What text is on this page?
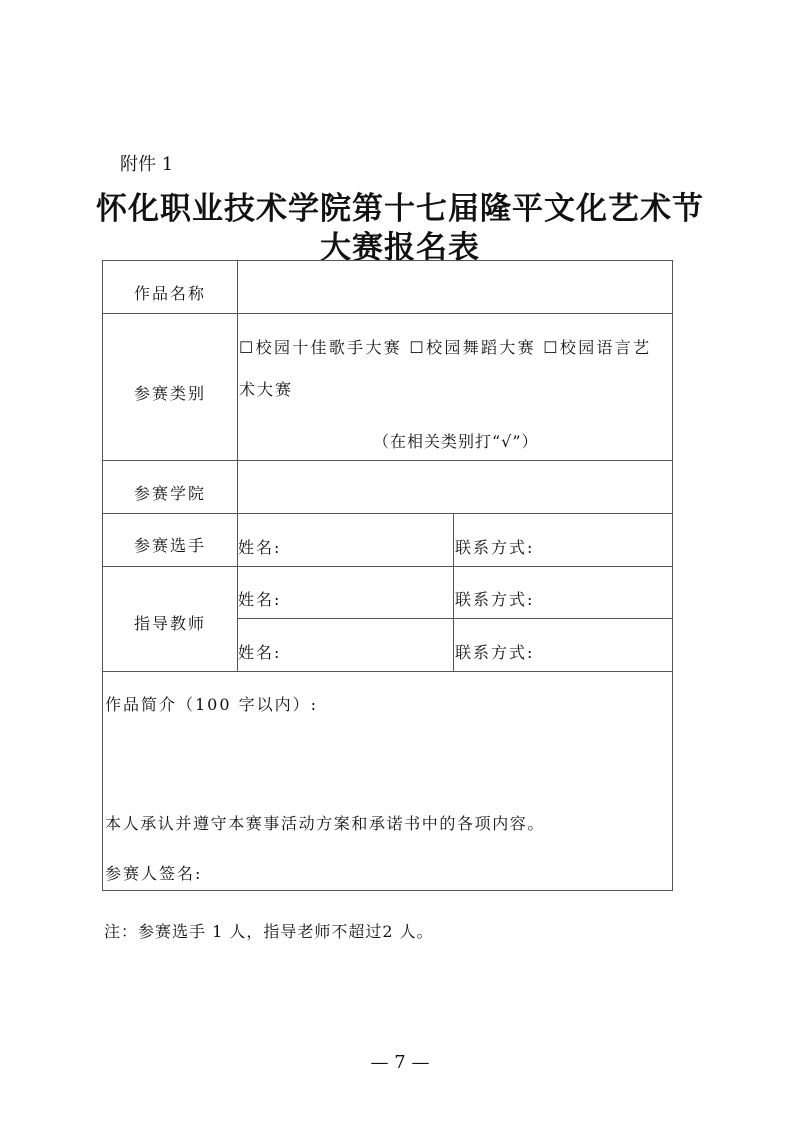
附件 1
怀化职业技术学院第十七届隆平文化艺术节
大赛报名表
作品名称
参赛类别
☐校园十佳歌手大赛 ☐校园舞蹈大赛 ☐校园语言艺
术大赛
（在相关类别打“√”）
参赛学院
参赛选手	姓名:	联系方式:
指导教师
姓名:	联系方式:
姓名:	联系方式:
作品简介（100 字以内）:
本人承认并遵守本赛事活动方案和承诺书中的各项内容。
参赛人签名:
注：参赛选手 1 人，指导老师不超过2 人。
— 7 —
